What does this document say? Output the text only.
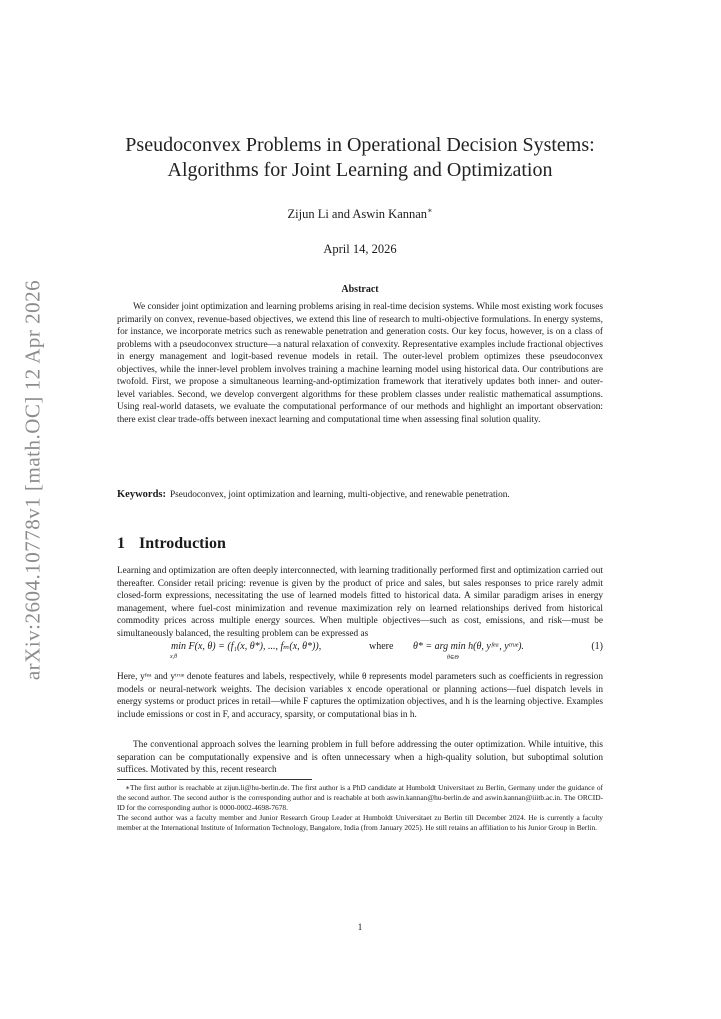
arXiv:2604.10778v1 [math.OC] 12 Apr 2026
Pseudoconvex Problems in Operational Decision Systems:
Algorithms for Joint Learning and Optimization
Zijun Li and Aswin Kannan∗
April 14, 2026
Abstract
We consider joint optimization and learning problems arising in real-time decision systems. While most existing work focuses primarily on convex, revenue-based objectives, we extend this line of research to multi-objective formulations. In energy systems, for instance, we incorporate metrics such as renewable penetration and generation costs. Our key focus, however, is on a class of problems with a pseudoconvex structure—a natural relaxation of convexity. Representative examples include fractional objectives in energy management and logit-based revenue models in retail. The outer-level problem optimizes these pseudoconvex objectives, while the inner-level problem involves training a machine learning model using historical data. Our contributions are twofold. First, we propose a simultaneous learning-and-optimization framework that iteratively updates both inner- and outer-level variables. Second, we develop convergent algorithms for these problem classes under realistic mathematical assumptions. Using real-world datasets, we evaluate the computational performance of our methods and highlight an important observation: there exist clear trade-offs between inexact learning and computational time when assessing final solution quality.
Keywords: Pseudoconvex, joint optimization and learning, multi-objective, and renewable penetration.
1 Introduction
Learning and optimization are often deeply interconnected, with learning traditionally performed first and optimization carried out thereafter. Consider retail pricing: revenue is given by the product of price and sales, but sales responses to price rarely admit closed-form expressions, necessitating the use of learned models fitted to historical data. A similar paradigm arises in energy management, where fuel-cost minimization and revenue maximization rely on learned relationships derived from historical commodity prices across multiple energy sources. When multiple objectives—such as cost, emissions, and risk—must be simultaneously balanced, the resulting problem can be expressed as
min F(x, θ) = (f₁(x, θ*), ..., fₘ(x, θ*)),
x,θ
where θ* = arg min h(θ, yᶠᵉᵃ, yᵗʳᵘᵉ).
θ∈Θ
(1)
Here, yᶠᵉᵃ and yᵗʳᵘᵉ denote features and labels, respectively, while θ represents model parameters such as coefficients in regression models or neural-network weights. The decision variables x encode operational or planning actions—fuel dispatch levels in energy systems or product prices in retail—while F captures the optimization objectives, and h is the learning objective. Examples include emissions or cost in F, and accuracy, sparsity, or computational bias in h.
The conventional approach solves the learning problem in full before addressing the outer optimization. While intuitive, this separation can be computationally expensive and is often unnecessary when a high-quality solution, but suboptimal solution suffices. Motivated by this, recent research

∗The first author is reachable at zijun.li@hu-berlin.de. The first author is a PhD candidate at Humboldt Universitaet zu Berlin, Germany under the guidance of the second author. The second author is the corresponding author and is reachable at both aswin.kannan@hu-berlin.de and aswin.kannan@iiitb.ac.in. The ORCID-ID for the corresponding author is 0000-0002-4698-7678.

The second author was a faculty member and Junior Research Group Leader at Humboldt Universitaet zu Berlin till December 2024. He is currently a faculty member at the International Institute of Information Technology, Bangalore, India (from January 2025). He still retains an affiliation to his Junior Group in Berlin.

1
